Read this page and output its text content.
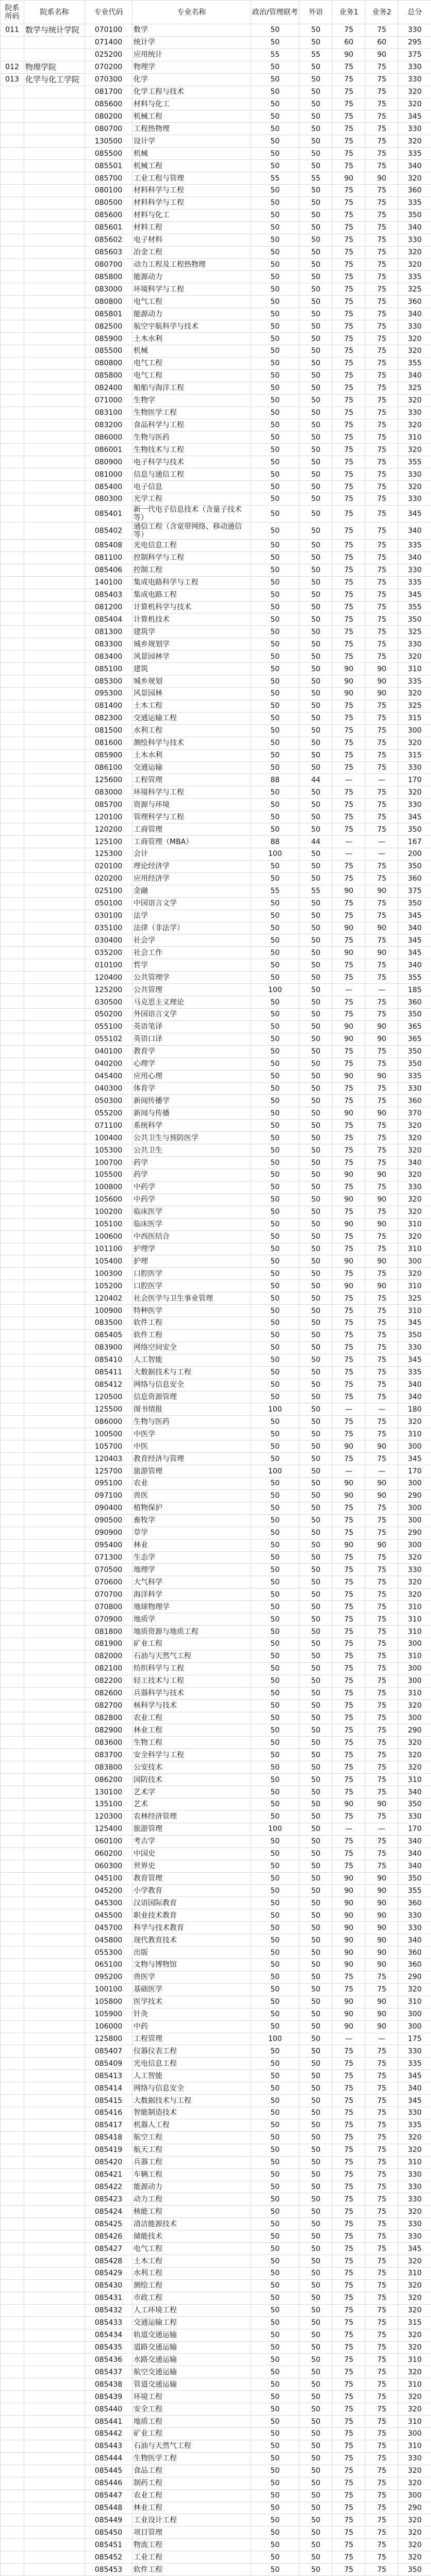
院系所码	院系名称	专业代码	专业名称	政治/管理联考	外语	业务1	业务2	总分
011	数学与统计学院	070100	数学	50	50	75	75	330
		071400	统计学	50	50	60	60	295
		025200	应用统计	55	55	90	90	375
012	物理学院	070200	物理学	50	50	75	75	330
013	化学与化工学院	070300	化学	50	50	75	75	330
		081700	化学工程与技术	50	50	75	75	320
		085600	材料与化工	50	50	75	75	320
		080200	机械工程	50	50	75	75	345
		080700	工程热物理	50	50	75	75	330
		130500	设计学	50	50	75	75	320
		085500	机械	50	50	75	75	335
		085501	机械工程	50	50	75	75	340
		085700	工业工程与管理	55	55	90	90	320
		080100	材料科学与工程	50	50	75	75	360
		080500	材料科学与工程	50	50	75	75	335
		085600	材料与化工	50	50	75	75	350
		085601	材料工程	50	50	75	75	340
		085602	电子材料	50	50	75	75	330
		085603	冶金工程	50	50	75	75	320
		080700	动力工程及工程热物理	50	50	75	75	320
		085800	能源动力	50	50	75	75	335
		083000	环境科学与工程	50	50	75	75	325
		080800	电气工程	50	50	75	75	360
		085801	能源动力	50	50	75	75	340
		082500	航空宇航科学与技术	50	50	75	75	330
		085900	土木水利	50	50	75	75	320
		085500	机械	50	50	75	75	320
		080800	电气工程	50	50	75	75	355
		085800	电气工程	50	50	75	75	340
		082400	船舶与海洋工程	50	50	75	75	325
		071000	生物学	50	50	75	75	320
		083100	生物医学工程	50	50	75	75	330
		083200	食品科学与工程	50	50	75	75	320
		086000	生物与医药	50	50	75	75	310
		086001	生物技术与工程	50	50	75	75	320
		080900	电子科学与技术	50	50	75	75	355
		081000	信息与通信工程	50	50	75	75	330
		085400	电子信息	50	50	75	75	320
		080300	光学工程	50	50	75	75	330
		085401	新一代电子信息技术（含量子技术等）	50	50	75	75	345
		085402	通信工程（含宽带网络、移动通信等）	50	50	75	75	340
		085408	光电信息工程	50	50	75	75	335
		081100	控制科学与工程	50	50	75	75	340
		085406	控制工程	50	50	75	75	330
		140100	集成电路科学与工程	50	50	75	75	335
		085403	集成电路工程	50	50	75	75	345
		081200	计算机科学与技术	50	50	75	75	355
		085404	计算机技术	50	50	75	75	350
		081300	建筑学	50	50	75	75	325
		083300	城乡规划学	50	50	75	75	330
		083400	风景园林学	50	50	75	75	320
		085100	建筑	50	50	90	90	310
		085300	城乡规划	50	50	90	90	335
		095300	风景园林	50	50	90	90	320
		081400	土木工程	50	50	75	75	325
		082300	交通运输工程	50	50	75	75	315
		081500	水利工程	50	50	75	75	300
		081600	测绘科学与技术	50	50	75	75	320
		085900	土木水利	50	50	75	75	315
		086100	交通运输	50	50	75	75	330
		125600	工程管理	88	44	—	—	170
		083000	环境科学与工程	50	50	75	75	320
		085700	资源与环境	50	50	75	75	330
		120100	管理科学与工程	50	50	75	75	345
		120200	工商管理	50	50	75	75	350
		125100	工商管理（MBA）	88	44	—	—	167
		125300	会计	100	50	—	—	200
		020100	理论经济学	50	50	75	75	350
		020200	应用经济学	50	50	75	75	360
		025100	金融	55	55	90	90	375
		050100	中国语言文学	50	50	75	75	350
		030100	法学	50	50	75	75	345
		035100	法律（非法学）	50	50	90	90	340
		030400	社会学	50	50	75	75	345
		035200	社会工作	50	50	90	90	345
		010100	哲学	50	50	75	75	340
		120400	公共管理学	50	50	75	75	355
		125200	公共管理	100	50	—	—	185
		030500	马克思主义理论	50	50	75	75	360
		050200	外国语言文学	50	50	75	75	350
		055100	英语笔译	50	50	90	90	365
		055102	英语口译	50	50	90	90	365
		040100	教育学	50	50	75	75	350
		040200	心理学	50	50	75	75	350
		045400	应用心理	50	50	90	90	335
		040300	体育学	50	50	75	75	330
		050300	新闻传播学	50	50	75	75	360
		055200	新闻与传播	50	50	90	90	370
		071100	系统科学	50	50	75	75	320
		100400	公共卫生与预防医学	50	50	75	75	320
		105300	公共卫生	50	50	75	75	320
		100700	药学	50	50	75	75	340
		105500	药学	50	50	90	90	320
		100800	中药学	50	50	75	75	330
		105600	中药学	50	50	90	90	320
		100200	临床医学	50	50	75	75	320
		105100	临床医学	50	50	90	90	310
		100600	中西医结合	50	50	75	75	320
		101100	护理学	50	50	75	75	310
		105400	护理	50	50	90	90	300
		100300	口腔医学	50	50	75	75	320
		105200	口腔医学	50	50	90	90	310
		120402	社会医学与卫生事业管理	50	50	75	75	325
		100900	特种医学	50	50	75	75	310
		083500	软件工程	50	50	75	75	345
		085405	软件工程	50	50	75	75	350
		083900	网络空间安全	50	50	75	75	330
		085410	人工智能	50	50	75	75	345
		085411	大数据技术与工程	50	50	75	75	335
		085412	网络与信息安全	50	50	75	75	340
		120500	信息资源管理	50	50	75	75	340
		125500	图书情报	100	50	—	—	180
		086000	生物与医药	50	50	75	75	320
		100500	中医学	50	50	75	75	310
		105700	中医	50	50	90	90	300
		120403	教育经济与管理	50	50	75	75	345
		125700	旅游管理	100	50	—	—	170
		095100	农业	50	50	90	90	300
		097100	兽医	50	50	90	90	290
		090400	植物保护	50	50	75	75	300
		090500	畜牧学	50	50	75	75	300
		090900	草学	50	50	75	75	290
		095400	林业	50	50	90	90	300
		071300	生态学	50	50	75	75	320
		070500	地理学	50	50	75	75	330
		070600	大气科学	50	50	75	75	320
		070700	海洋科学	50	50	75	75	320
		070800	地球物理学	50	50	75	75	310
		070900	地质学	50	50	75	75	310
		081800	地质资源与地质工程	50	50	75	75	310
		081900	矿业工程	50	50	75	75	300
		082000	石油与天然气工程	50	50	75	75	310
		082100	纺织科学与工程	50	50	75	75	300
		082200	轻工技术与工程	50	50	75	75	300
		082600	兵器科学与技术	50	50	75	75	310
		082700	核科学与技术	50	50	75	75	320
		082800	农业工程	50	50	75	75	300
		082900	林业工程	50	50	75	75	290
		083600	生物工程	50	50	75	75	320
		083700	安全科学与工程	50	50	75	75	320
		083800	公安技术	50	50	75	75	320
		086200	国防技术	50	50	75	75	310
		130100	艺术学	50	50	75	75	340
		135100	艺术	50	50	90	90	350
		120300	农林经济管理	50	50	75	75	330
		125400	旅游管理	100	50	—	—	170
		060100	考古学	50	50	75	75	340
		060200	中国史	50	50	75	75	340
		060300	世界史	50	50	75	75	340
		045100	教育管理	50	50	90	90	350
		045200	小学教育	50	50	90	90	355
		045300	汉语国际教育	50	50	90	90	360
		045500	职业技术教育	50	50	90	90	330
		045700	科学与技术教育	50	50	90	90	330
		045800	现代教育技术	50	50	90	90	340
		055300	出版	50	50	90	90	360
		065100	文物与博物馆	50	50	90	90	360
		095200	兽医学	50	50	75	75	290
		100100	基础医学	50	50	75	75	320
		105800	医学技术	50	50	90	90	310
		105900	针灸	50	50	90	90	300
		106000	中药	50	50	90	90	300
		125800	工程管理	100	50	—	—	175
		085407	仪器仪表工程	50	50	75	75	330
		085409	光电信息工程	50	50	75	75	335
		085413	人工智能	50	50	75	75	345
		085414	网络与信息安全	50	50	75	75	340
		085415	大数据技术与工程	50	50	75	75	345
		085416	智能制造技术	50	50	75	75	330
		085417	机器人工程	50	50	75	75	335
		085418	航空工程	50	50	75	75	320
		085419	航天工程	50	50	75	75	320
		085420	兵器工程	50	50	75	75	310
		085421	车辆工程	50	50	75	75	330
		085422	能源动力	50	50	75	75	330
		085423	动力工程	50	50	75	75	330
		085424	核能工程	50	50	75	75	320
		085425	清洁能源技术	50	50	75	75	330
		085426	储能技术	50	50	75	75	330
		085427	电气工程	50	50	75	75	345
		085428	土木工程	50	50	75	75	320
		085429	水利工程	50	50	75	75	310
		085430	测绘工程	50	50	75	75	320
		085431	市政工程	50	50	75	75	320
		085432	人工环境工程	50	50	75	75	320
		085433	交通运输工程	50	50	75	75	315
		085434	轨道交通运输	50	50	75	75	320
		085435	道路交通运输	50	50	75	75	320
		085436	水路交通运输	50	50	75	75	310
		085437	航空交通运输	50	50	75	75	320
		085438	管道交通运输	50	50	75	75	310
		085439	环境工程	50	50	75	75	320
		085440	安全工程	50	50	75	75	320
		085441	地质工程	50	50	75	75	310
		085442	矿业工程	50	50	75	75	300
		085443	石油与天然气工程	50	50	75	75	310
		085444	生物医学工程	50	50	75	75	330
		085445	食品工程	50	50	75	75	320
		085446	制药工程	50	50	75	75	320
		085447	农业工程	50	50	75	75	300
		085448	林业工程	50	50	75	75	290
		085449	工业设计工程	50	50	75	75	320
		085450	项目管理	50	50	75	75	320
		085451	物流工程	50	50	75	75	320
		085452	工业工程	50	50	75	75	320
		085453	软件工程	50	50	75	75	350
